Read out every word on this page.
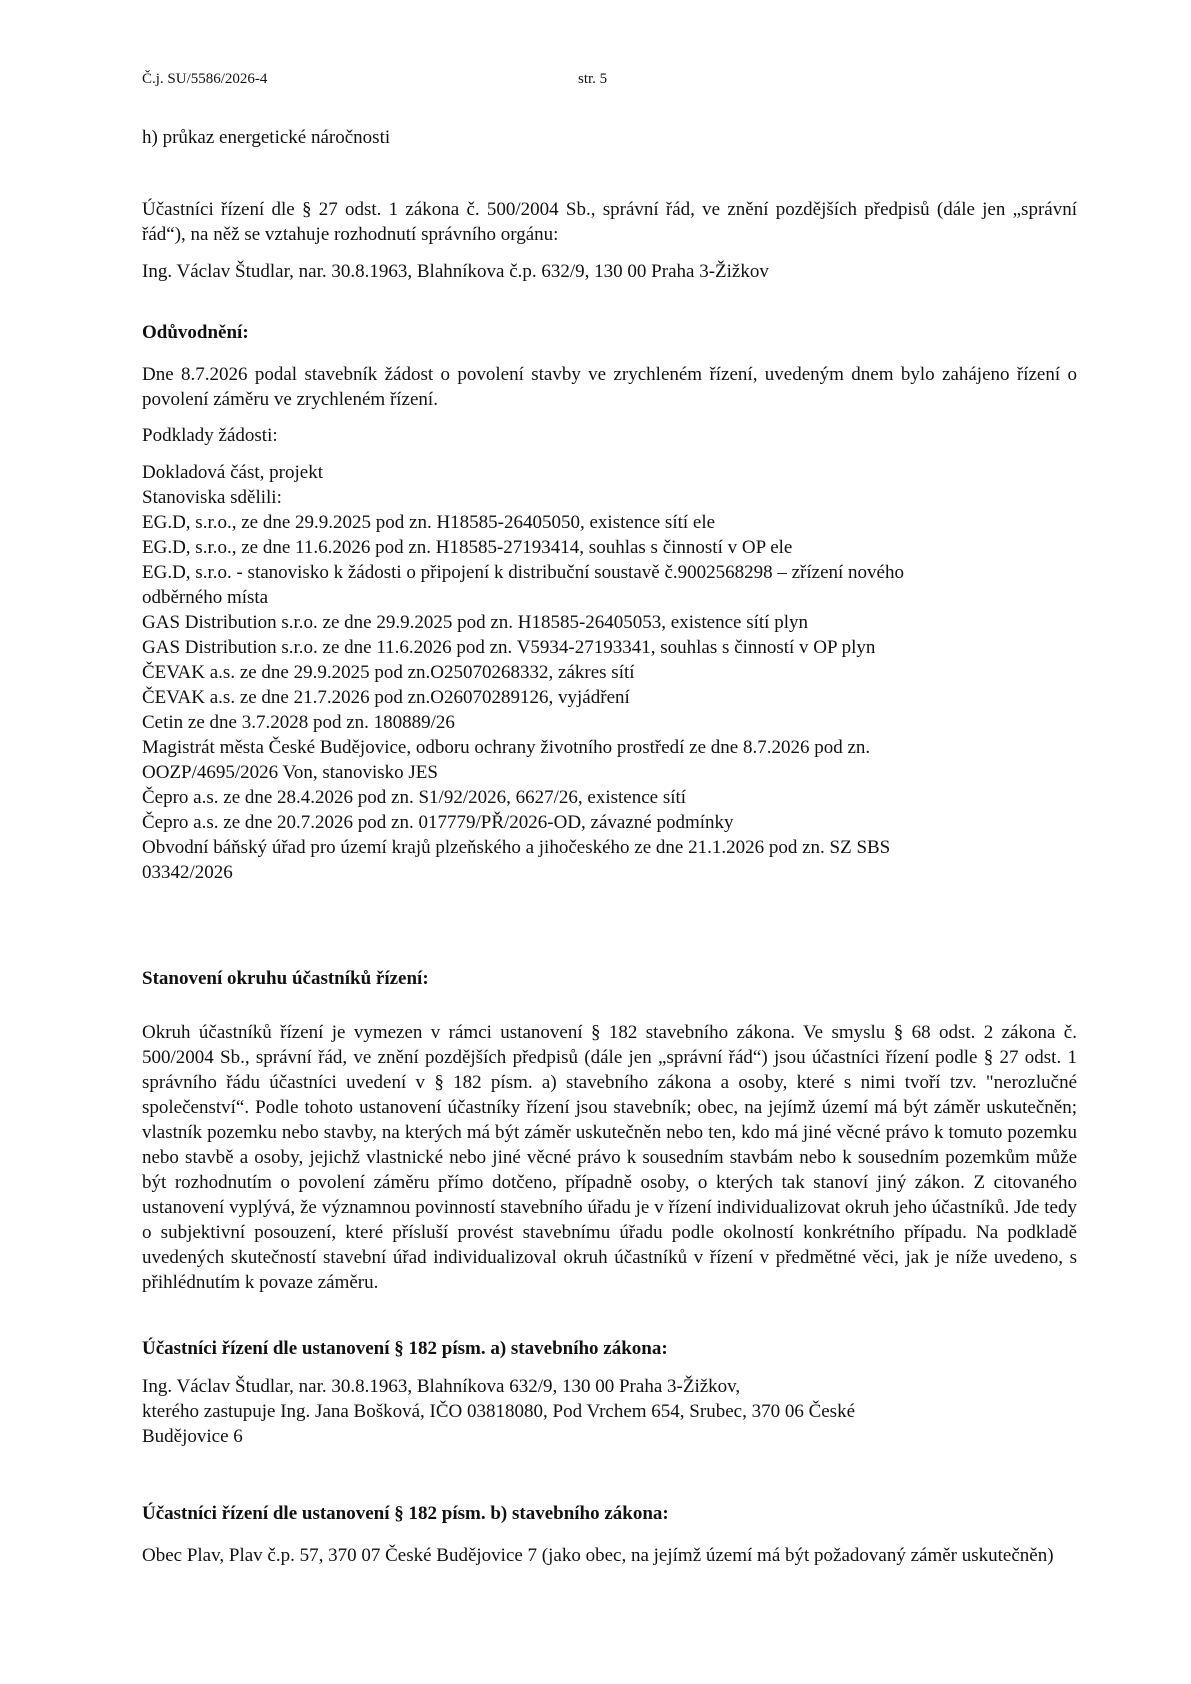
Č.j. SU/5586/2026-4	str. 5

h) průkaz energetické náročnosti

Účastníci řízení dle § 27 odst. 1 zákona č. 500/2004 Sb., správní řád, ve znění pozdějších předpisů (dále jen „správní řád“), na něž se vztahuje rozhodnutí správního orgánu:

Ing. Václav Študlar, nar. 30.8.1963, Blahníkova č.p. 632/9, 130 00 Praha 3-Žižkov

Odůvodnění:

Dne 8.7.2026 podal stavebník žádost o povolení stavby ve zrychleném řízení, uvedeným dnem bylo zahájeno řízení o povolení záměru ve zrychleném řízení.

Podklady žádosti:

Dokladová část, projekt

Stanoviska sdělili:

EG.D, s.r.o., ze dne 29.9.2025 pod zn. H18585-26405050, existence sítí ele
EG.D, s.r.o., ze dne 11.6.2026 pod zn. H18585-27193414, souhlas s činností v OP ele
EG.D, s.r.o. - stanovisko k žádosti o připojení k distribuční soustavě č.9002568298 – zřízení nového
odběrného místa
GAS Distribution s.r.o. ze dne 29.9.2025 pod zn. H18585-26405053, existence sítí plyn
GAS Distribution s.r.o. ze dne 11.6.2026 pod zn. V5934-27193341, souhlas s činností v OP plyn
ČEVAK a.s. ze dne 29.9.2025 pod zn.O25070268332, zákres sítí
ČEVAK a.s. ze dne 21.7.2026 pod zn.O26070289126, vyjádření
Cetin ze dne 3.7.2028 pod zn. 180889/26
Magistrát města České Budějovice, odboru ochrany životního prostředí ze dne 8.7.2026 pod zn.
OOZP/4695/2026 Von, stanovisko JES
Čepro a.s. ze dne 28.4.2026 pod zn. S1/92/2026, 6627/26, existence sítí
Čepro a.s. ze dne 20.7.2026 pod zn. 017779/PŘ/2026-OD, závazné podmínky
Obvodní báňský úřad pro území krajů plzeňského a jihočeského ze dne 21.1.2026 pod zn. SZ SBS
03342/2026

Stanovení okruhu účastníků řízení:

Okruh účastníků řízení je vymezen v rámci ustanovení § 182 stavebního zákona. Ve smyslu § 68 odst. 2 zákona č. 500/2004 Sb., správní řád, ve znění pozdějších předpisů (dále jen „správní řád“) jsou účastníci řízení podle § 27 odst. 1 správního řádu účastníci uvedení v § 182 písm. a) stavebního zákona a osoby, které s nimi tvoří tzv. "nerozlučné společenství“. Podle tohoto ustanovení účastníky řízení jsou stavebník; obec, na jejímž území má být záměr uskutečněn; vlastník pozemku nebo stavby, na kterých má být záměr uskutečněn nebo ten, kdo má jiné věcné právo k tomuto pozemku nebo stavbě a osoby, jejichž vlastnické nebo jiné věcné právo k sousedním stavbám nebo k sousedním pozemkům může být rozhodnutím o povolení záměru přímo dotčeno, případně osoby, o kterých tak stanoví jiný zákon. Z citovaného ustanovení vyplývá, že významnou povinností stavebního úřadu je v řízení individualizovat okruh jeho účastníků. Jde tedy o subjektivní posouzení, které přísluší provést stavebnímu úřadu podle okolností konkrétního případu. Na podkladě uvedených skutečností stavební úřad individualizoval okruh účastníků v řízení v předmětné věci, jak je níže uvedeno, s přihlédnutím k povaze záměru.

Účastníci řízení dle ustanovení § 182 písm. a) stavebního zákona:

Ing. Václav Študlar, nar. 30.8.1963, Blahníkova 632/9, 130 00 Praha 3-Žižkov,
kterého zastupuje Ing. Jana Bošková, IČO 03818080, Pod Vrchem 654, Srubec, 370 06 České
Budějovice 6

Účastníci řízení dle ustanovení § 182 písm. b) stavebního zákona:

Obec Plav, Plav č.p. 57, 370 07 České Budějovice 7 (jako obec, na jejímž území má být požadovaný záměr uskutečněn)
